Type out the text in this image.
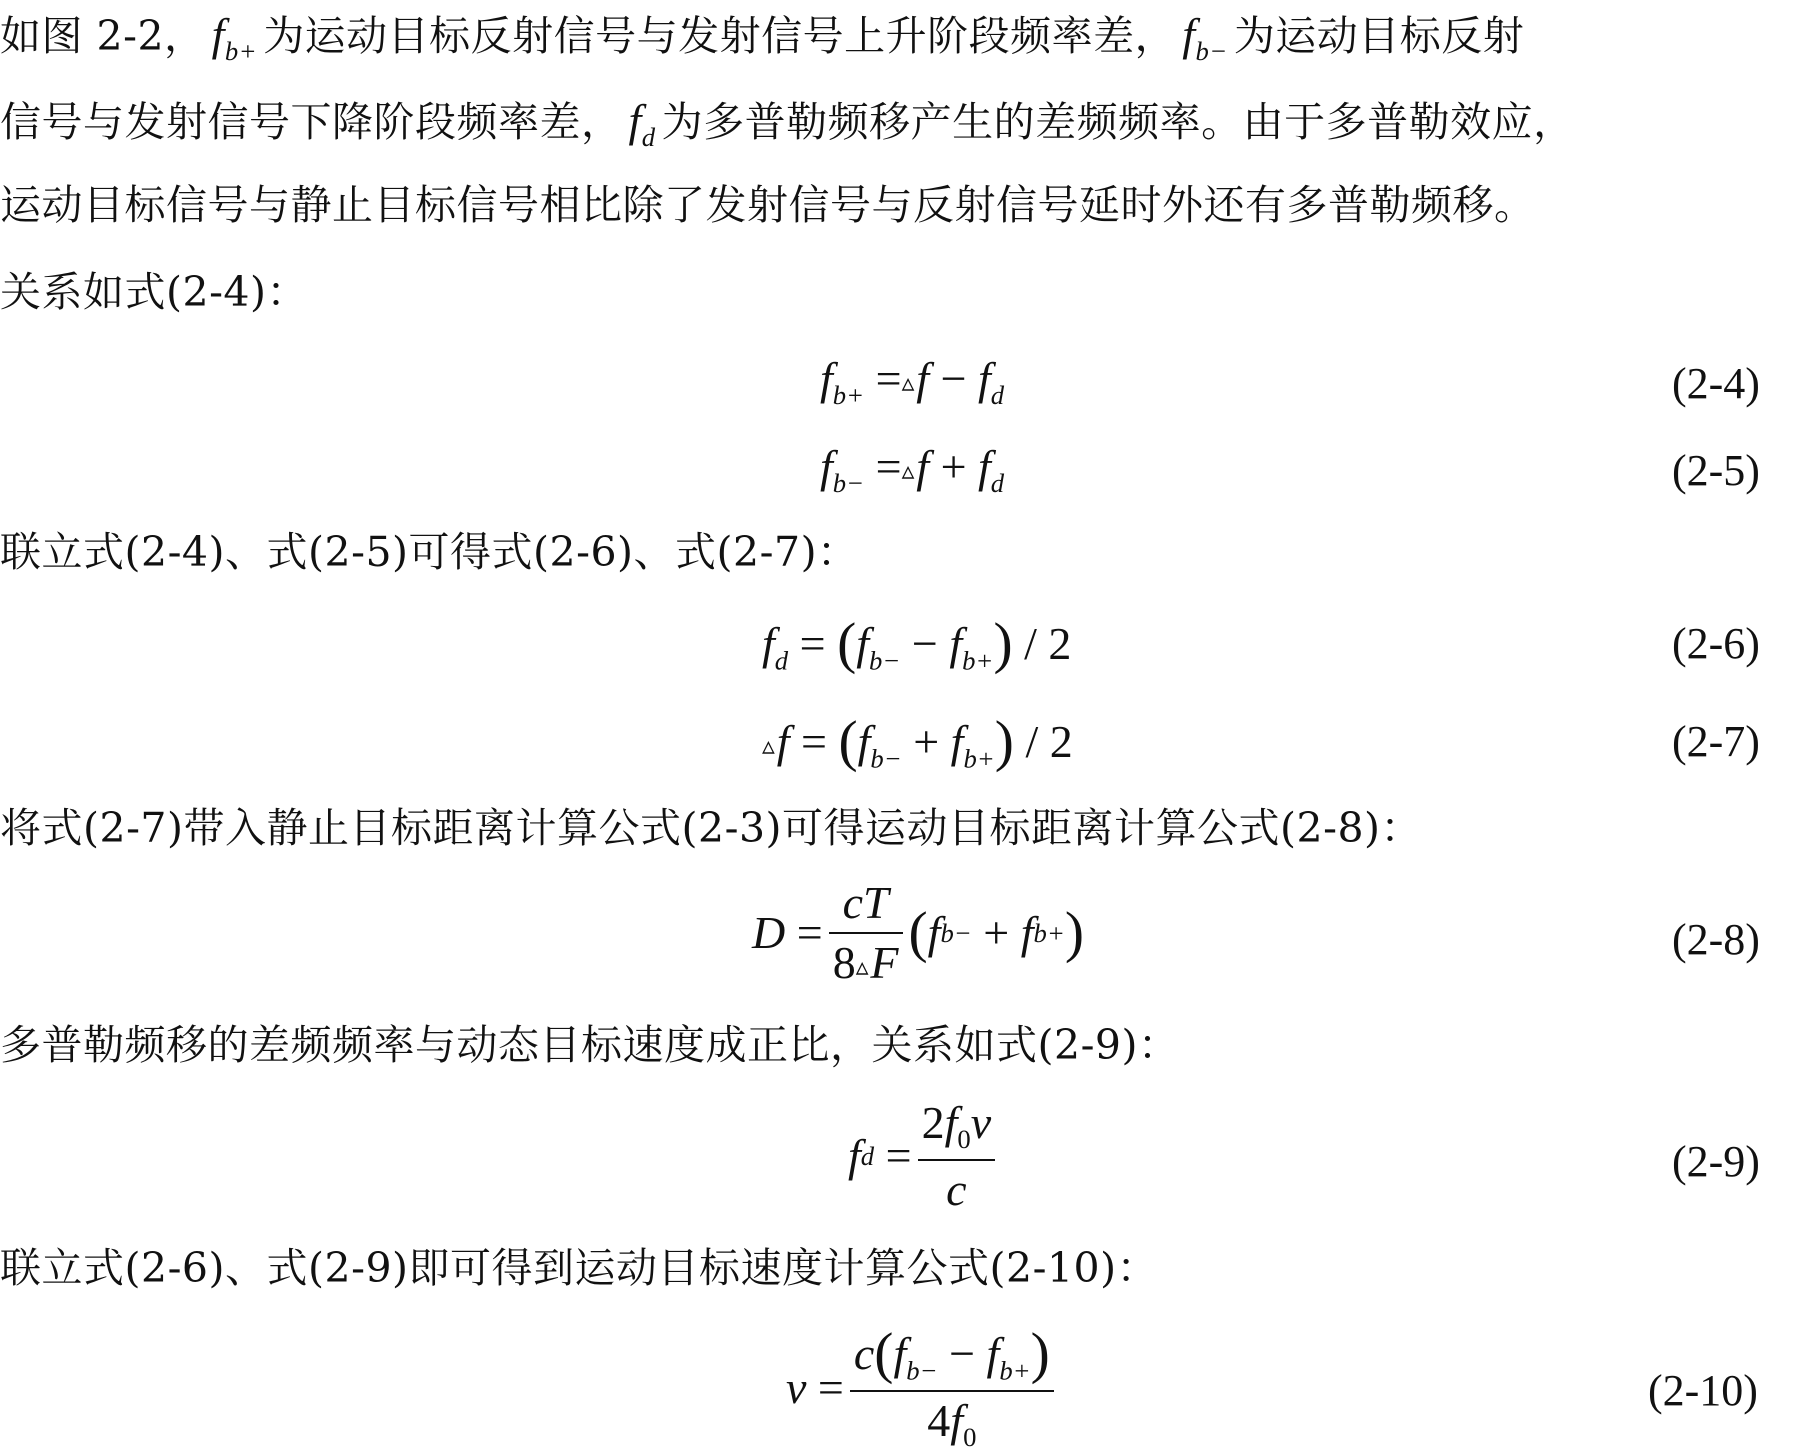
如图 2-2， $f_{b+}$ 为运动目标反射信号与发射信号上升阶段频率差， $f_{b-}$ 为运动目标反射
信号与发射信号下降阶段频率差， $f_d$ 为多普勒频移产生的差频频率。由于多普勒效应，
运动目标信号与静止目标信号相比除了发射信号与反射信号延时外还有多普勒频移。
关系如式(2-4)：
$f_{b+}$ =▵f − $f_d$	(2-4)
$f_{b-}$ =▵f + $f_d$	(2-5)
联立式(2-4)、式(2-5)可得式(2-6)、式(2-7)：
$f_d = (f_{b-} - f_{b+}) / 2$	(2-6)
▵f = $(f_{b-} + f_{b+}) / 2$	(2-7)
将式(2-7)带入静止目标距离计算公式(2-3)可得运动目标距离计算公式(2-8)：
$D = \frac{cT}{8▵F}$ ( f b− + f b+ )	(2-8)
多普勒频移的差频频率与动态目标速度成正比，关系如式(2-9)：
f $d = \frac{2f_0v}{c}$	(2-9)
联立式(2-6)、式(2-9)即可得到运动目标速度计算公式(2-10)：
$v = \frac{c(f_{b-} - f_{b+})}{4f_0}$	(2-10)
